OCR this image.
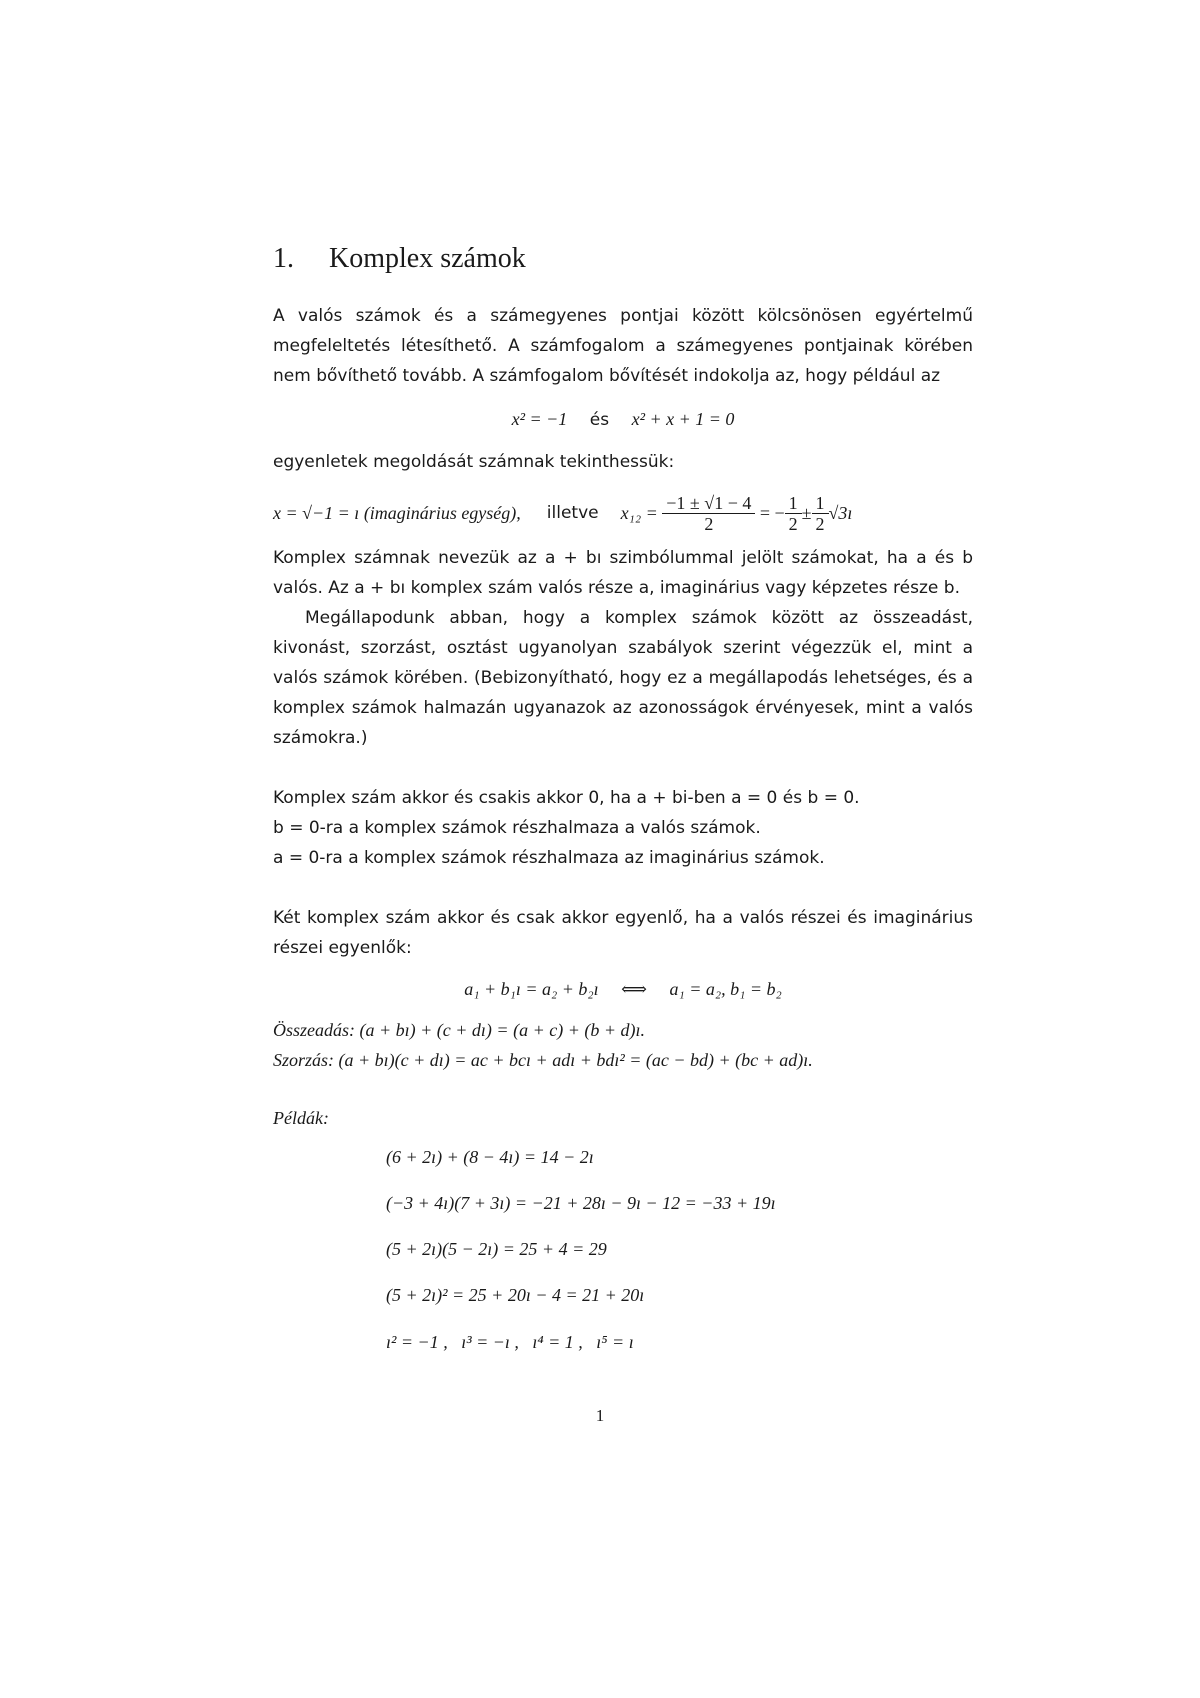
1. Komplex számok

A valós számok és a számegyenes pontjai között kölcsönösen egyértelmű megfeleltetés létesíthető. A számfogalom a számegyenes pontjainak körében nem bővíthető tovább. A számfogalom bővítését indokolja az, hogy például az

x² = −1 és x² + x + 1 = 0

egyenletek megoldását számnak tekinthessük:

x = √−1 = ı
(imaginárius egység), illetve x₁₂ =
$\frac{-1 \pm √1 - 4}{2}$
= − $\frac{1}{2} \pm \frac{1}{2}$ √3ı

Komplex számnak nevezük az a + bı szimbólummal jelölt számokat, ha a és b valós. Az a + bı komplex szám valós része a, imaginárius vagy képzetes része b.

Megállapodunk abban, hogy a komplex számok között az összeadást, kivonást, szorzást, osztást ugyanolyan szabályok szerint végezzük el, mint a valós számok körében. (Bebizonyítható, hogy ez a megállapodás lehetséges, és a komplex számok halmazán ugyanazok az azonosságok érvényesek, mint a valós számokra.)

Komplex szám akkor és csakis akkor 0, ha a + bi-ben a = 0 és b = 0.

b = 0-ra a komplex számok részhalmaza a valós számok.

a = 0-ra a komplex számok részhalmaza az imaginárius számok.

Két komplex szám akkor és csak akkor egyenlő, ha a valós részei és imaginárius részei egyenlők:

a₁ + b₁ı = a₂ + b₂ı     ⟺     a₁ = a₂, b₁ = b₂
Összeadás: (a + bı) + (c + dı) = (a + c) + (b + d)ı.
Szorzás: (a + bı)(c + dı) = ac + bcı + adı + bdı² = (ac − bd) + (bc + ad)ı.
Példák:
(6 + 2ı) + (8 − 4ı) = 14 − 2ı
(−3 + 4ı)(7 + 3ı) = −21 + 28ı − 9ı − 12 = −33 + 19ı
(5 + 2ı)(5 − 2ı) = 25 + 4 = 29
(5 + 2ı)² = 25 + 20ı − 4 = 21 + 20ı
ı² = −1 ,   ı³ = −ı ,   ı⁴ = 1 ,   ı⁵ = ı
1
